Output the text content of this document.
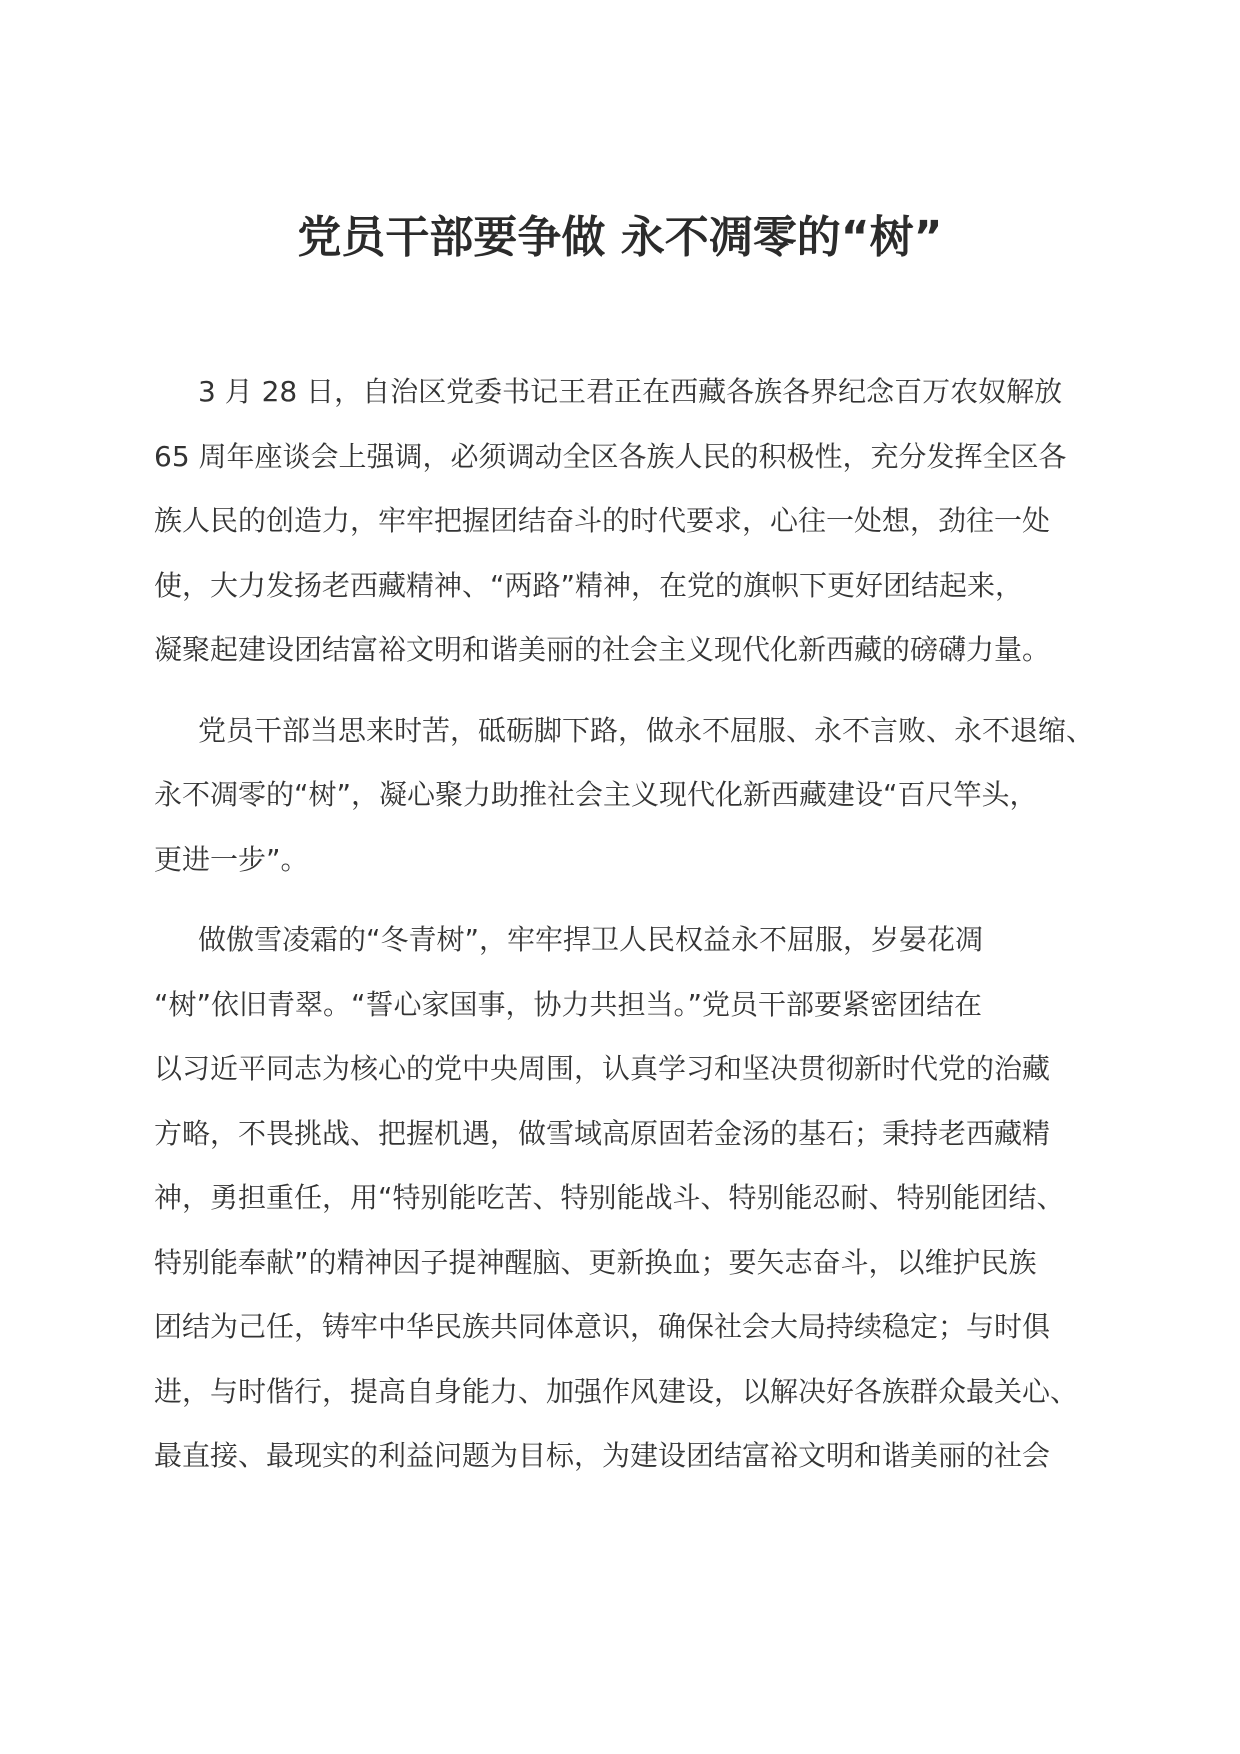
党员干部要争做 永不凋零的“树”

3 月 28 日，自治区党委书记王君正在西藏各族各界纪念百万农奴解放
65 周年座谈会上强调，必须调动全区各族人民的积极性，充分发挥全区各
族人民的创造力，牢牢把握团结奋斗的时代要求，心往一处想，劲往一处
使，大力发扬老西藏精神、“两路”精神，在党的旗帜下更好团结起来，
凝聚起建设团结富裕文明和谐美丽的社会主义现代化新西藏的磅礴力量。

党员干部当思来时苦，砥砺脚下路，做永不屈服、永不言败、永不退缩、
永不凋零的“树”，凝心聚力助推社会主义现代化新西藏建设“百尺竿头，
更进一步”。

做傲雪凌霜的“冬青树”，牢牢捍卫人民权益永不屈服，岁晏花凋
“树”依旧青翠。“誓心家国事，协力共担当。”党员干部要紧密团结在
以习近平同志为核心的党中央周围，认真学习和坚决贯彻新时代党的治藏
方略，不畏挑战、把握机遇，做雪域高原固若金汤的基石；秉持老西藏精
神，勇担重任，用“特别能吃苦、特别能战斗、特别能忍耐、特别能团结、
特别能奉献”的精神因子提神醒脑、更新换血；要矢志奋斗，以维护民族
团结为己任，铸牢中华民族共同体意识，确保社会大局持续稳定；与时俱
进，与时偕行，提高自身能力、加强作风建设，以解决好各族群众最关心、
最直接、最现实的利益问题为目标，为建设团结富裕文明和谐美丽的社会
